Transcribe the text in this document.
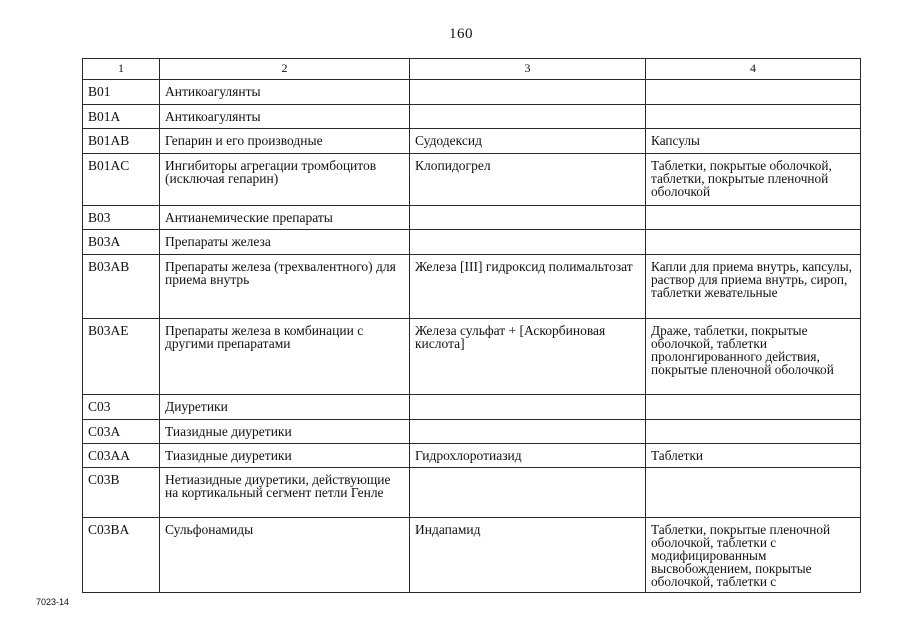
160
1	2	3	4
B01	Антикоагулянты		
B01A	Антикоагулянты		
B01AB	Гепарин и его производные	Судодексид	Капсулы
B01AC	Ингибиторы агрегации тромбоцитов (исключая гепарин)	Клопидогрел	Таблетки, покрытые оболочкой, таблетки, покрытые пленочной оболочкой
B03	Антианемические препараты		
B03A	Препараты железа		
B03AB	Препараты железа (трехвалентного) для приема внутрь	Железа [III] гидроксид полимальтозат	Капли для приема внутрь, капсулы, раствор для приема внутрь, сироп, таблетки жевательные
B03AE	Препараты железа в комбинации с другими препаратами	Железа сульфат + [Аскорбиновая кислота]	Драже, таблетки, покрытые оболочкой, таблетки пролонгированного действия, покрытые пленочной оболочкой
C03	Диуретики		
C03A	Тиазидные диуретики		
C03AA	Тиазидные диуретики	Гидрохлоротиазид	Таблетки
C03B	Нетиазидные диуретики, действующие на кортикальный сегмент петли Генле		
C03BA	Сульфонамиды	Индапамид	Таблетки, покрытые пленочной оболочкой, таблетки с модифицированным высвобождением, покрытые оболочкой, таблетки с
7023-14
